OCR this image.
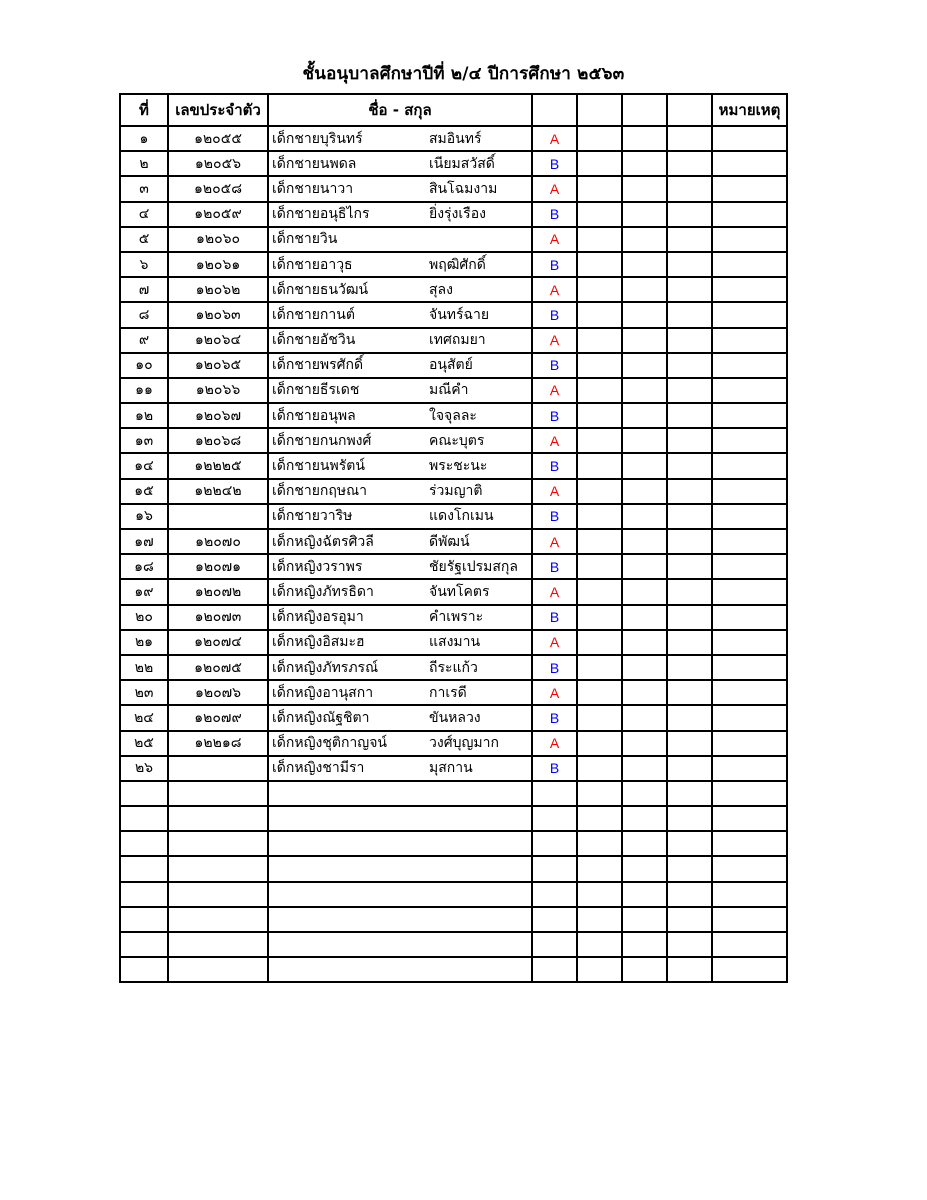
ชั้นอนุบาลศึกษาปีที่ ๒/๔ ปีการศึกษา ๒๕๖๓
ที่	เลขประจำตัว	ชื่อ - สกุล					หมายเหตุ
๑	๑๒๐๕๕	เด็กชายบุรินทร์ สมอินทร์	A				
๒	๑๒๐๕๖	เด็กชายนพดล เนียมสวัสดิ์	B				
๓	๑๒๐๕๘	เด็กชายนาวา สินโฉมงาม	A				
๔	๑๒๐๕๙	เด็กชายอนุธิไกร ยิ่งรุ่งเรือง	B				
๕	๑๒๐๖๐	เด็กชายวิน	A				
๖	๑๒๐๖๑	เด็กชายอาวุธ พฤฒิศักดิ์	B				
๗	๑๒๐๖๒	เด็กชายธนวัฒน์ สุลง	A				
๘	๑๒๐๖๓	เด็กชายกานต์ จันทร์ฉาย	B				
๙	๑๒๐๖๔	เด็กชายอัชวิน เทศถมยา	A				
๑๐	๑๒๐๖๕	เด็กชายพรศักดิ์ อนุสัตย์	B				
๑๑	๑๒๐๖๖	เด็กชายธีรเดช มณีคำ	A				
๑๒	๑๒๐๖๗	เด็กชายอนุพล ใจจุลละ	B				
๑๓	๑๒๐๖๘	เด็กชายกนกพงศ์ คณะบุตร	A				
๑๔	๑๒๒๒๕	เด็กชายนพรัตน์ พระชะนะ	B				
๑๕	๑๒๒๔๒	เด็กชายกฤษณา ร่วมญาติ	A				
๑๖		เด็กชายวาริษ แดงโกเมน	B				
๑๗	๑๒๐๗๐	เด็กหญิงฉัตรศิวลี ดีพัฒน์	A				
๑๘	๑๒๐๗๑	เด็กหญิงวราพร ชัยรัฐเปรมสกุล	B				
๑๙	๑๒๐๗๒	เด็กหญิงภัทรธิดา จันทโคตร	A				
๒๐	๑๒๐๗๓	เด็กหญิงอรอุมา คำเพราะ	B				
๒๑	๑๒๐๗๔	เด็กหญิงอิสมะฮ แสงมาน	A				
๒๒	๑๒๐๗๕	เด็กหญิงภัทรภรณ์ ถีระแก้ว	B				
๒๓	๑๒๐๗๖	เด็กหญิงอานุสกา กาเรดี	A				
๒๔	๑๒๐๗๙	เด็กหญิงณัฐชิตา ขันหลวง	B				
๒๕	๑๒๒๑๘	เด็กหญิงชุติกาญจน์ วงศ์บุญมาก	A				
๒๖		เด็กหญิงชามีรา มุสกาน	B				
